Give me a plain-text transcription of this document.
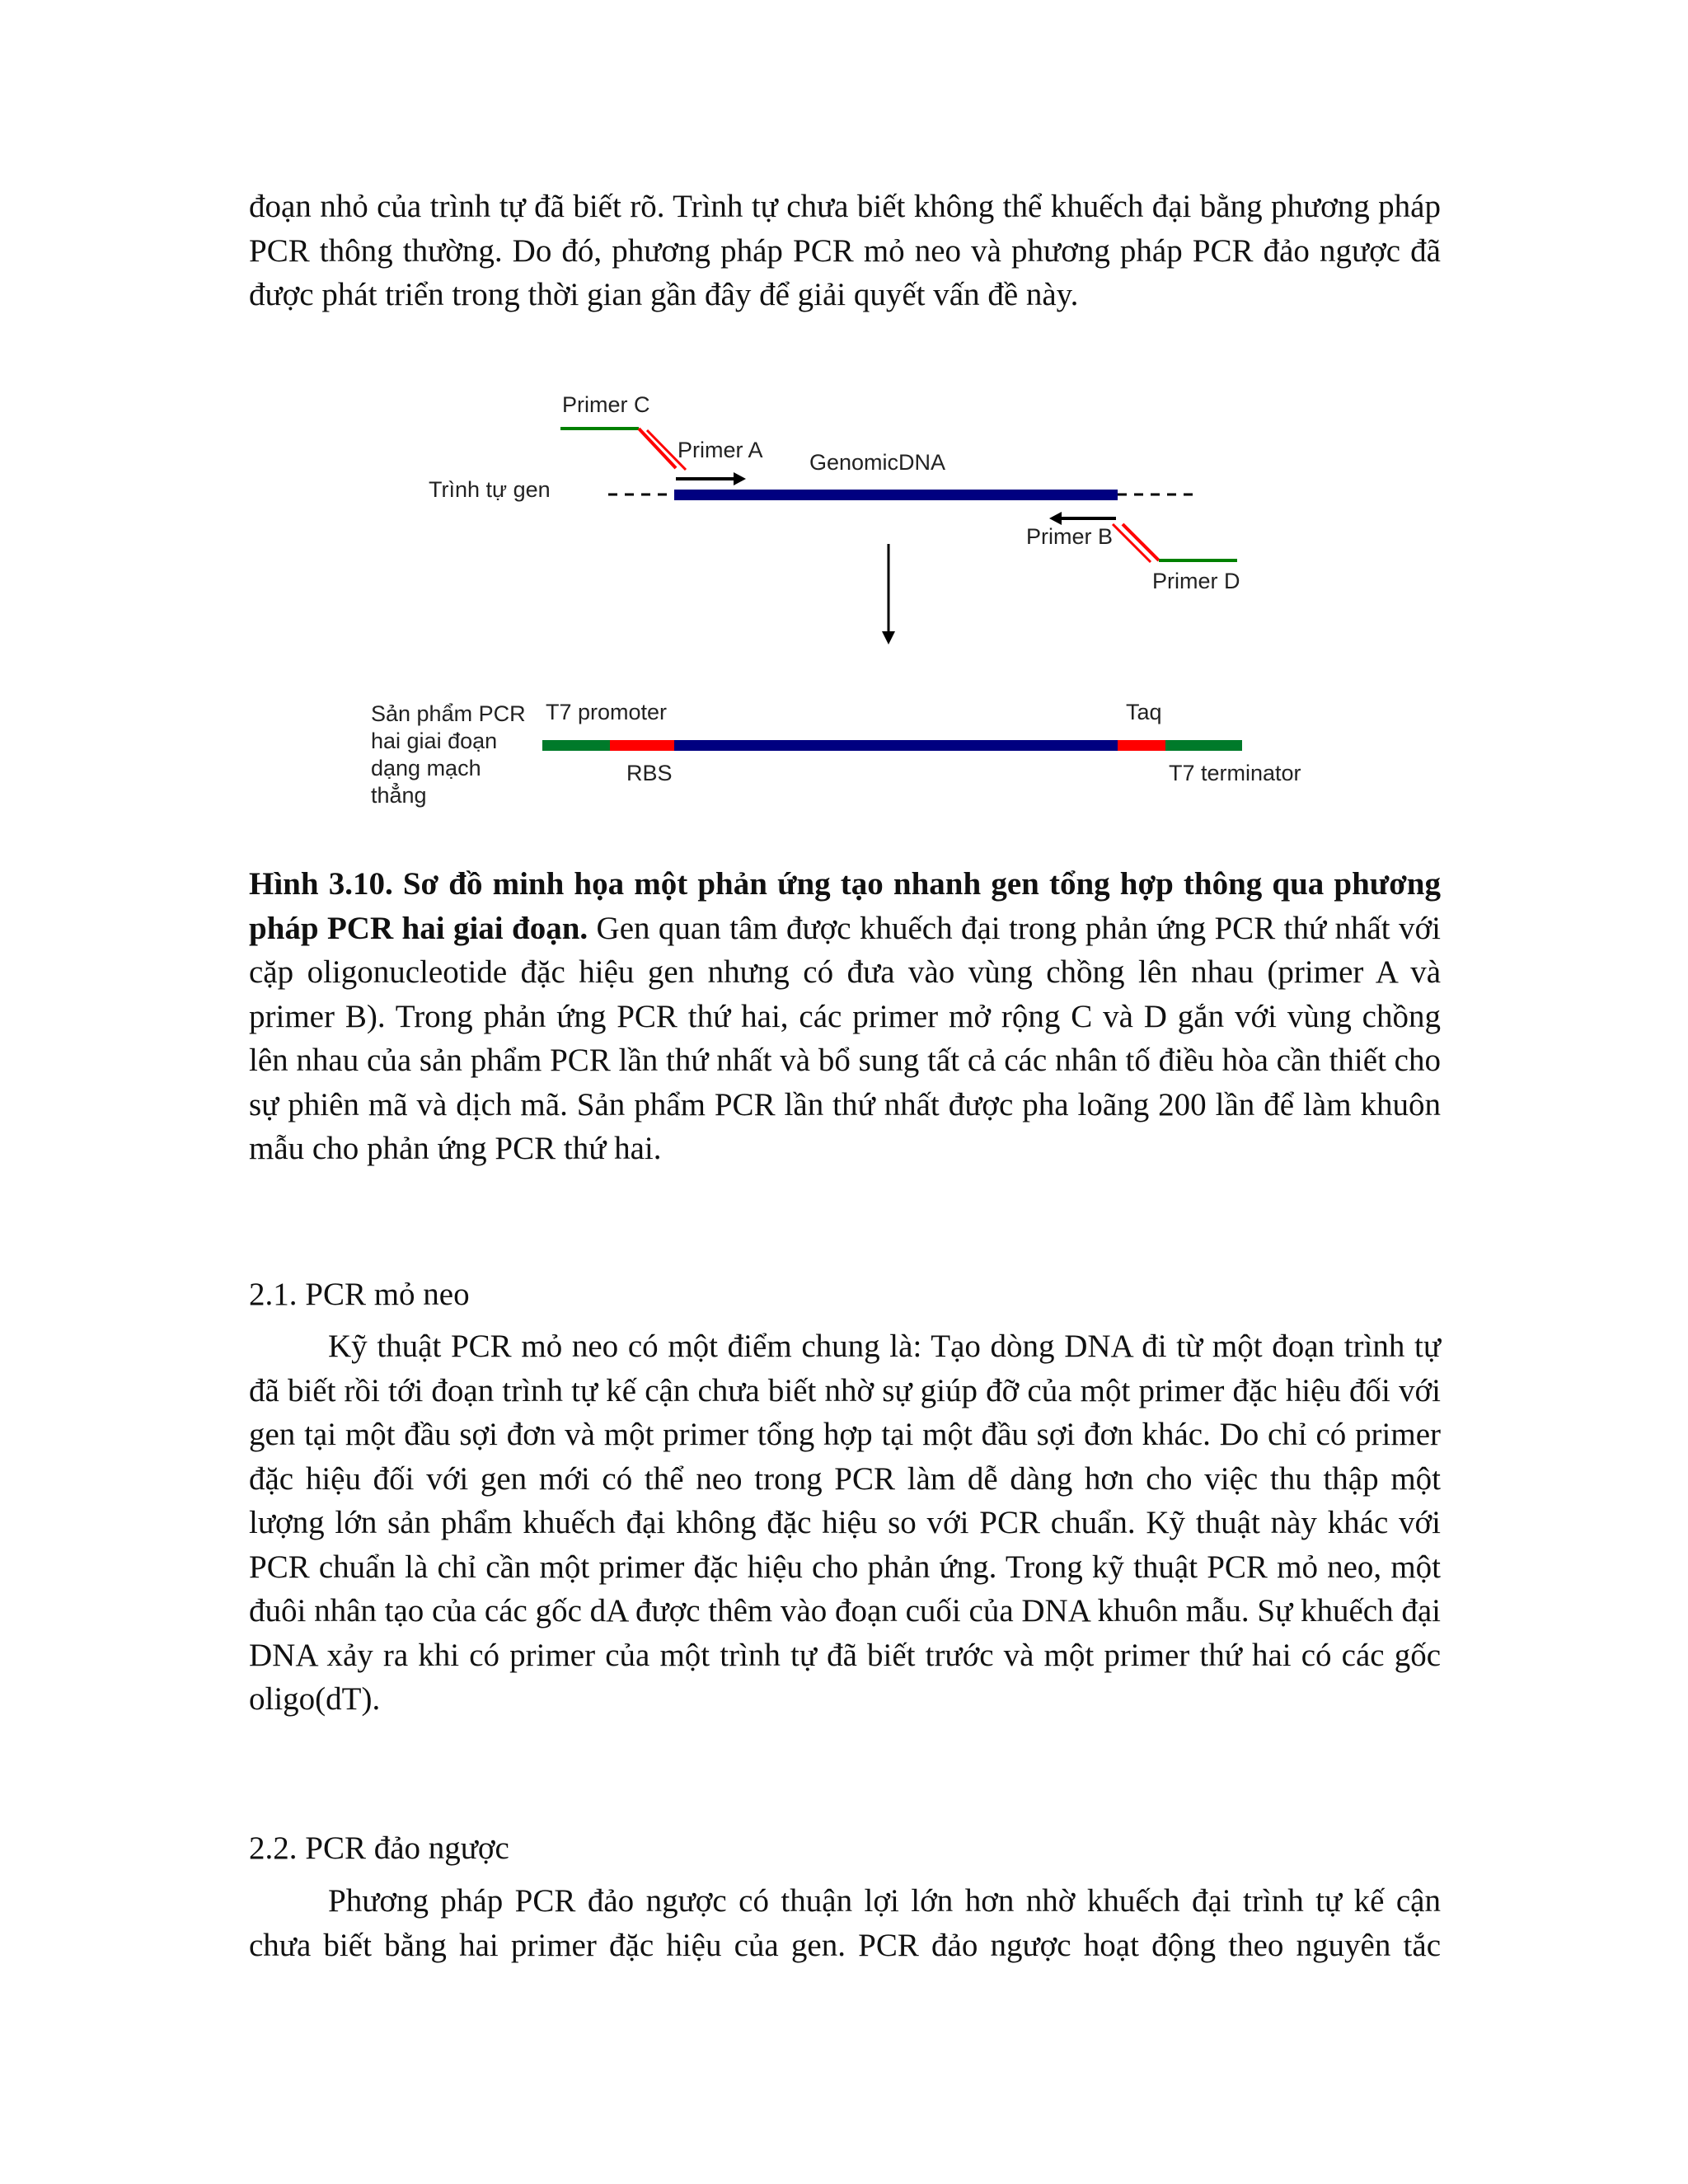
đoạn nhỏ của trình tự đã biết rõ. Trình tự chưa biết không thể khuếch đại bằng phương pháp PCR thông thường. Do đó, phương pháp PCR mỏ neo và phương pháp PCR đảo ngược đã được phát triển trong thời gian gần đây để giải quyết vấn đề này.

Primer C
Primer A GenomicDNA
Trình tự gen
Primer B
Primer D
Sản phẩm PCR
hai giai đoạn
dạng mạch
thẳng
T7 promoter	Taq
RBS	T7 terminator

Hình 3.10. Sơ đồ minh họa một phản ứng tạo nhanh gen tổng hợp thông qua phương pháp PCR hai giai đoạn. Gen quan tâm được khuếch đại trong phản ứng PCR thứ nhất với cặp oligonucleotide đặc hiệu gen nhưng có đưa vào vùng chồng lên nhau (primer A và primer B). Trong phản ứng PCR thứ hai, các primer mở rộng C và D gắn với vùng chồng lên nhau của sản phẩm PCR lần thứ nhất và bổ sung tất cả các nhân tố điều hòa cần thiết cho sự phiên mã và dịch mã. Sản phẩm PCR lần thứ nhất được pha loãng 200 lần để làm khuôn mẫu cho phản ứng PCR thứ hai.

2.1. PCR mỏ neo

Kỹ thuật PCR mỏ neo có một điểm chung là: Tạo dòng DNA đi từ một đoạn trình tự đã biết rồi tới đoạn trình tự kế cận chưa biết nhờ sự giúp đỡ của một primer đặc hiệu đối với gen tại một đầu sợi đơn và một primer tổng hợp tại một đầu sợi đơn khác. Do chỉ có primer đặc hiệu đối với gen mới có thể neo trong PCR làm dễ dàng hơn cho việc thu thập một lượng lớn sản phẩm khuếch đại không đặc hiệu so với PCR chuẩn. Kỹ thuật này khác với PCR chuẩn là chỉ cần một primer đặc hiệu cho phản ứng. Trong kỹ thuật PCR mỏ neo, một đuôi nhân tạo của các gốc dA được thêm vào đoạn cuối của DNA khuôn mẫu. Sự khuếch đại DNA xảy ra khi có primer của một trình tự đã biết trước và một primer thứ hai có các gốc oligo(dT).

2.2. PCR đảo ngược

Phương pháp PCR đảo ngược có thuận lợi lớn hơn nhờ khuếch đại trình tự kế cận chưa biết bằng hai primer đặc hiệu của gen. PCR đảo ngược hoạt động theo nguyên tắc
